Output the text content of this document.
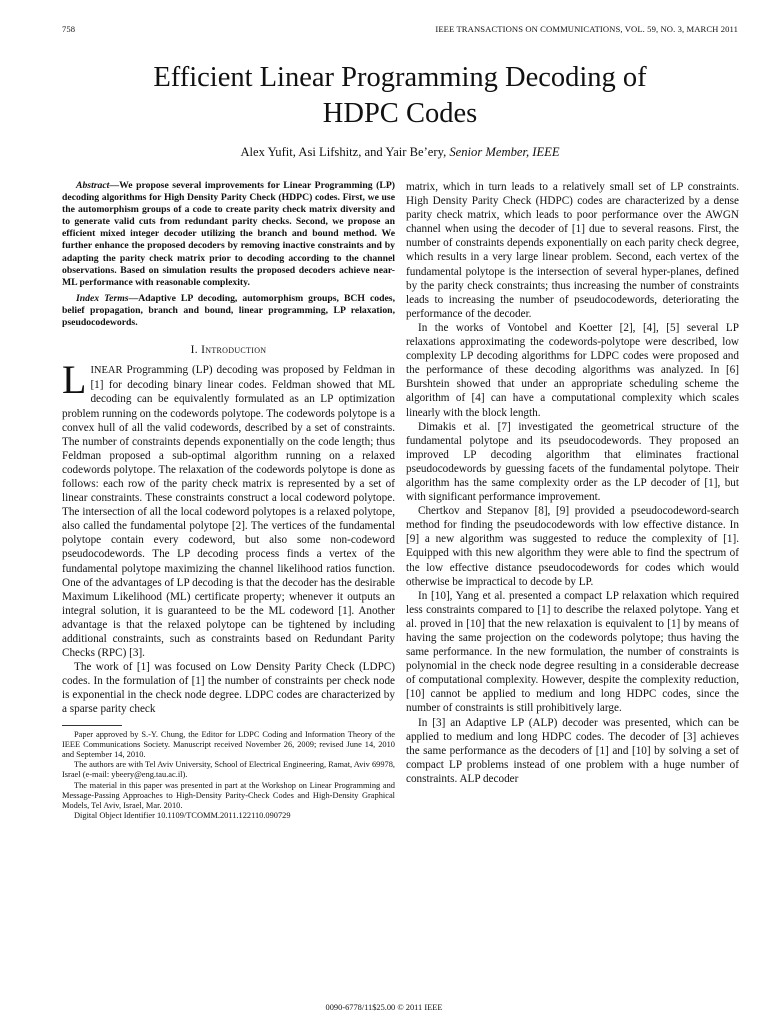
758	IEEE TRANSACTIONS ON COMMUNICATIONS, VOL. 59, NO. 3, MARCH 2011
Efficient Linear Programming Decoding of
HDPC Codes
Alex Yufit, Asi Lifshitz, and Yair Be’ery, Senior Member, IEEE

Abstract—We propose several improvements for Linear Programming (LP) decoding algorithms for High Density Parity Check (HDPC) codes. First, we use the automorphism groups of a code to create parity check matrix diversity and to generate valid cuts from redundant parity checks. Second, we propose an efficient mixed integer decoder utilizing the branch and bound method. We further enhance the proposed decoders by removing inactive constraints and by adapting the parity check matrix prior to decoding according to the channel observations. Based on simulation results the proposed decoders achieve near-ML performance with reasonable complexity.

Index Terms—Adaptive LP decoding, automorphism groups, BCH codes, belief propagation, branch and bound, linear programming, LP relaxation, pseudocodewords.

I. Introduction

LINEAR Programming (LP) decoding was proposed by Feldman in [1] for decoding binary linear codes. Feldman showed that ML decoding can be equivalently formulated as an LP optimization problem running on the codewords polytope. The codewords polytope is a convex hull of all the valid codewords, described by a set of constraints. The number of constraints depends exponentially on the code length; thus Feldman proposed a sub-optimal algorithm running on a relaxed codewords polytope. The relaxation of the codewords polytope is done as follows: each row of the parity check matrix is represented by a set of linear constraints. These constraints construct a local codeword polytope. The intersection of all the local codeword polytopes is a relaxed polytope, also called the fundamental polytope [2]. The vertices of the fundamental polytope contain every codeword, but also some non-codeword pseudocodewords. The LP decoding process finds a vertex of the fundamental polytope maximizing the channel likelihood ratios function. One of the advantages of LP decoding is that the decoder has the desirable Maximum Likelihood (ML) certificate property; whenever it outputs an integral solution, it is guaranteed to be the ML codeword [1]. Another advantage is that the relaxed polytope can be tightened by including additional constraints, such as constraints based on Redundant Parity Checks (RPC) [3].

The work of [1] was focused on Low Density Parity Check (LDPC) codes. In the formulation of [1] the number of constraints per check node is exponential in the check node degree. LDPC codes are characterized by a sparse parity check

Paper approved by S.-Y. Chung, the Editor for LDPC Coding and Information Theory of the IEEE Communications Society. Manuscript received November 26, 2009; revised June 14, 2010 and September 14, 2010.

The authors are with Tel Aviv University, School of Electrical Engineering, Ramat, Aviv 69978, Israel (e-mail: ybeery@eng.tau.ac.il).

The material in this paper was presented in part at the Workshop on Linear Programming and Message-Passing Approaches to High-Density Parity-Check Codes and High-Density Graphical Models, Tel Aviv, Israel, Mar. 2010.

Digital Object Identifier 10.1109/TCOMM.2011.122110.090729

matrix, which in turn leads to a relatively small set of LP constraints. High Density Parity Check (HDPC) codes are characterized by a dense parity check matrix, which leads to poor performance over the AWGN channel when using the decoder of [1] due to several reasons. First, the number of constraints depends exponentially on each parity check degree, which results in a very large linear problem. Second, each vertex of the fundamental polytope is the intersection of several hyper-planes, defined by the parity check constraints; thus increasing the number of constraints leads to increasing the number of pseudocodewords, deteriorating the performance of the decoder.

In the works of Vontobel and Koetter [2], [4], [5] several LP relaxations approximating the codewords-polytope were described, low complexity LP decoding algorithms for LDPC codes were proposed and the performance of these decoding algorithms was analyzed. In [6] Burshtein showed that under an appropriate scheduling scheme the algorithm of [4] can have a computational complexity which scales linearly with the block length.

Dimakis et al. [7] investigated the geometrical structure of the fundamental polytope and its pseudocodewords. They proposed an improved LP decoding algorithm that eliminates fractional pseudocodewords by guessing facets of the fundamental polytope. Their algorithm has the same complexity order as the LP decoder of [1], but with significant performance improvement.

Chertkov and Stepanov [8], [9] provided a pseudocodeword-search method for finding the pseudocodewords with low effective distance. In [9] a new algorithm was suggested to reduce the complexity of [1]. Equipped with this new algorithm they were able to find the spectrum of the low effective distance pseudocodewords for codes which would otherwise be impractical to decode by LP.

In [10], Yang et al. presented a compact LP relaxation which required less constraints compared to [1] to describe the relaxed polytope. Yang et al. proved in [10] that the new relaxation is equivalent to [1] by means of having the same projection on the codewords polytope; thus having the same performance. In the new formulation, the number of constraints is polynomial in the check node degree resulting in a considerable decrease of computational complexity. However, despite the complexity reduction, [10] cannot be applied to medium and long HDPC codes, since the number of constraints is still prohibitively large.

In [3] an Adaptive LP (ALP) decoder was presented, which can be applied to medium and long HDPC codes. The decoder of [3] achieves the same performance as the decoders of [1] and [10] by solving a set of compact LP problems instead of one problem with a huge number of constraints. ALP decoder

0090-6778/11$25.00 © 2011 IEEE
